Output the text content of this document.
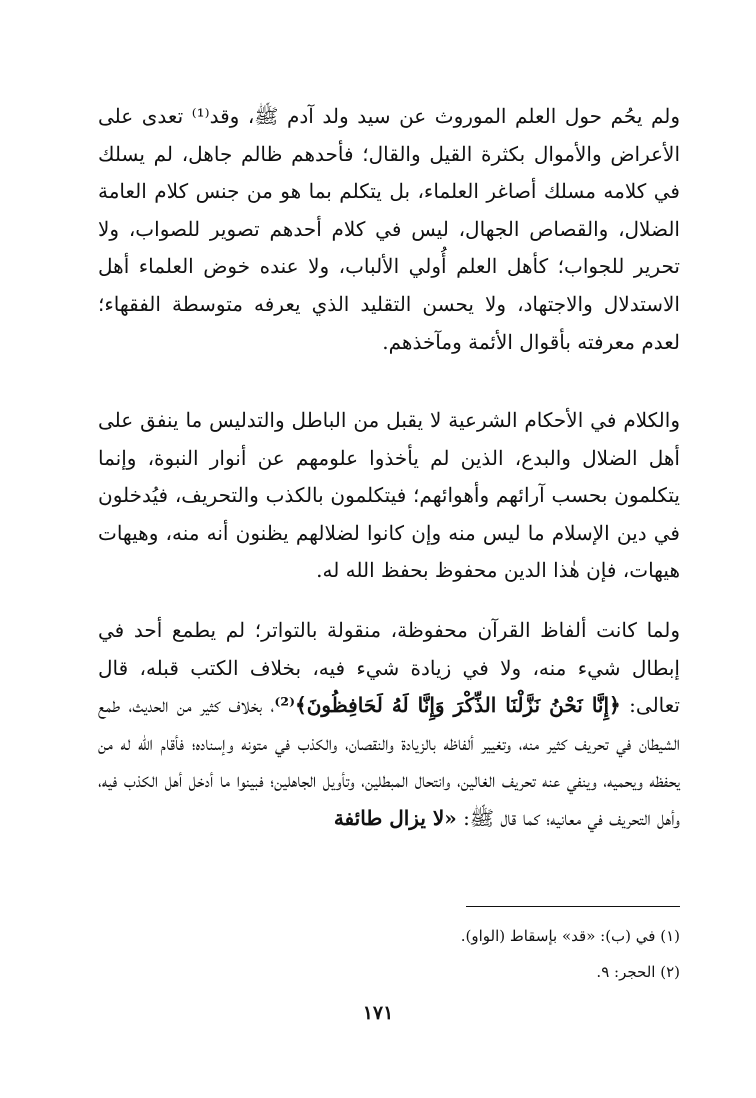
ولم يحُم حول العلم الموروث عن سيد ولد آدم ﷺ، وقد⁽¹⁾ تعدى على الأعراض والأموال بكثرة القيل والقال؛ فأحدهم ظالم جاهل، لم يسلك في كلامه مسلك أصاغر العلماء، بل يتكلم بما هو من جنس كلام العامة الضلال، والقصاص الجهال، ليس في كلام أحدهم تصوير للصواب، ولا تحرير للجواب؛ كأهل العلم أُولي الألباب، ولا عنده خوض العلماء أهل الاستدلال والاجتهاد، ولا يحسن التقليد الذي يعرفه متوسطة الفقهاء؛ لعدم معرفته بأقوال الأئمة ومآخذهم.

والكلام في الأحكام الشرعية لا يقبل من الباطل والتدليس ما ينفق على أهل الضلال والبدع، الذين لم يأخذوا علومهم عن أنوار النبوة، وإنما يتكلمون بحسب آرائهم وأهوائهم؛ فيتكلمون بالكذب والتحريف، فيُدخلون في دين الإسلام ما ليس منه وإن كانوا لضلالهم يظنون أنه منه، وهيهات هيهات، فإن هٰذا الدين محفوظ بحفظ الله له.

ولما كانت ألفاظ القرآن محفوظة، منقولة بالتواتر؛ لم يطمع أحد في إبطال شيء منه، ولا في زيادة شيء فيه، بخلاف الكتب قبله، قال تعالى: ﴿إِنَّا نَحْنُ نَزَّلْنَا الذِّكْرَ وَإِنَّا لَهُ لَحَافِظُونَ﴾⁽²⁾، بخلاف كثير من الحديث، طمع الشيطان في تحريف كثير منه، وتغيير ألفاظه بالزيادة والنقصان، والكذب في متونه وإسناده؛ فأقام الله له من يحفظه ويحميه، وينفي عنه تحريف الغالين، وانتحال المبطلين، وتأويل الجاهلين؛ فبينوا ما أدخل أهل الكذب فيه، وأهل التحريف في معانيه؛ كما قال ﷺ: «لا يزال طائفة

(١) في (ب): «قد» بإسقاط (الواو).
(٢) الحجر: ٩.
١٧١
